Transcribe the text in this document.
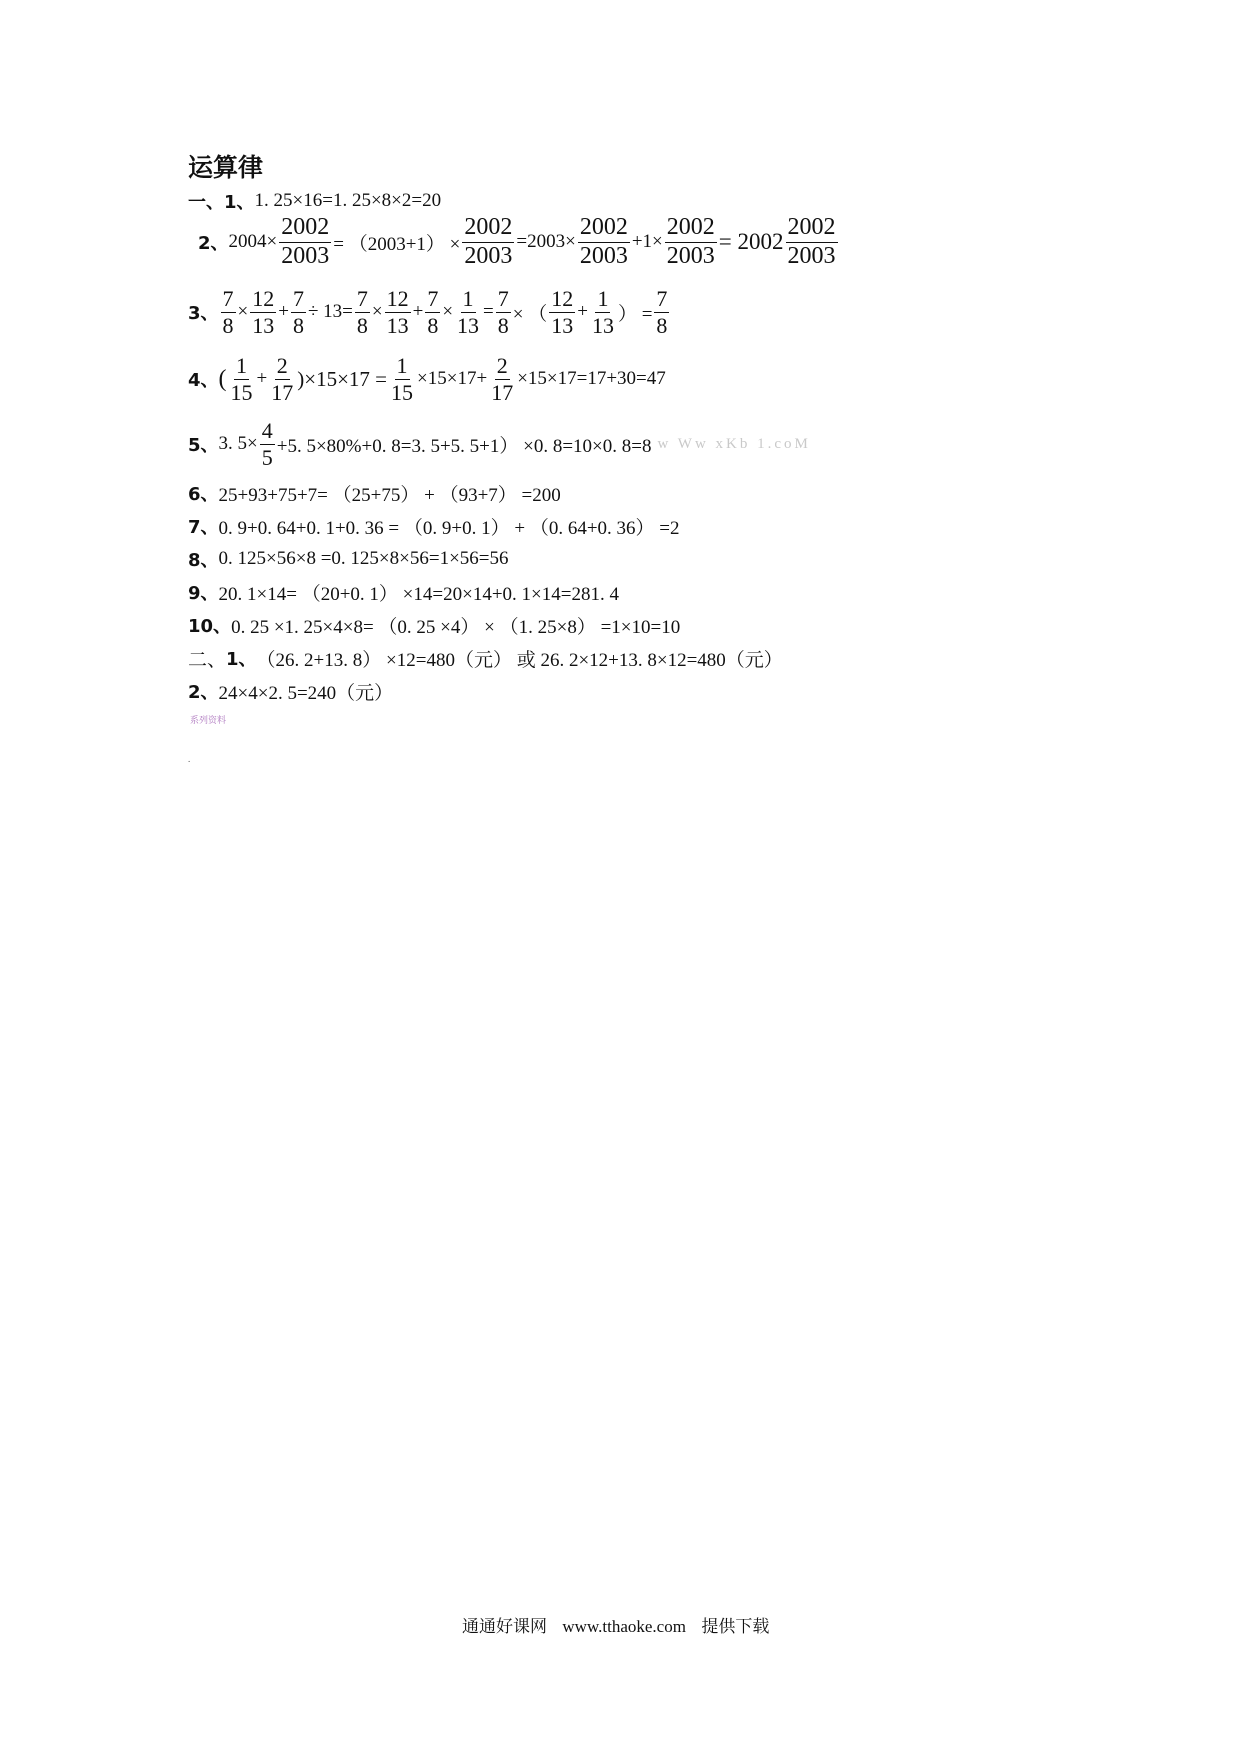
运算律
一、 1、 1. 25×16=1. 25×8×2=20
2、 $2004\times \frac{2002}{2003} = (2003+1) \times \frac{2002}{2003} =2003\times \frac{2002}{2003} +1\times \frac{2002}{2003} = 2002 \frac{2002}{2003}$
3、 $\frac{7}{8} \times \frac{12}{13} + \frac{7}{8} \div 13= \frac{7}{8} \times \frac{12}{13} + \frac{7}{8} \times \frac{1}{13} = \frac{7}{8}$ × （ $\frac{12}{13} + \frac{1}{13}$ ） = $\frac{7}{8}$
4、 ( $\frac{1}{15} + \frac{2}{17} )\times 15\times 17 = \frac{1}{15} \times 15\times 17+ \frac{2}{17} \times 15\times 17=17+30=47$
5、 3. $5\times \frac{4}{5} +5$. 5×80%+0. 8=3. 5+5. 5+1） ×0. 8=10×0. 8=8 w Ww xKb 1.coM
6、 25+93+75+7= （25+75） + （93+7） =200
7、 0. 9+0. 64+0. 1+0. 36 = （0. 9+0. 1） + （0. 64+0. 36） =2
8、 0. 125×56×8 =0. 125×8×56=1×56=56
9、 20. 1×14= （20+0. 1） ×14=20×14+0. 1×14=281. 4
10、 0. 25 ×1. 25×4×8= （0. 25 ×4） × （1. 25×8） =1×10=10
二、 1、 （26. 2+13. 8） ×12=480（元） 或 26. 2×12+13. 8×12=480（元）
2、 24×4×2. 5=240（元）
系列资料
.
通通好课网 www.tthaoke.com 提供下载
